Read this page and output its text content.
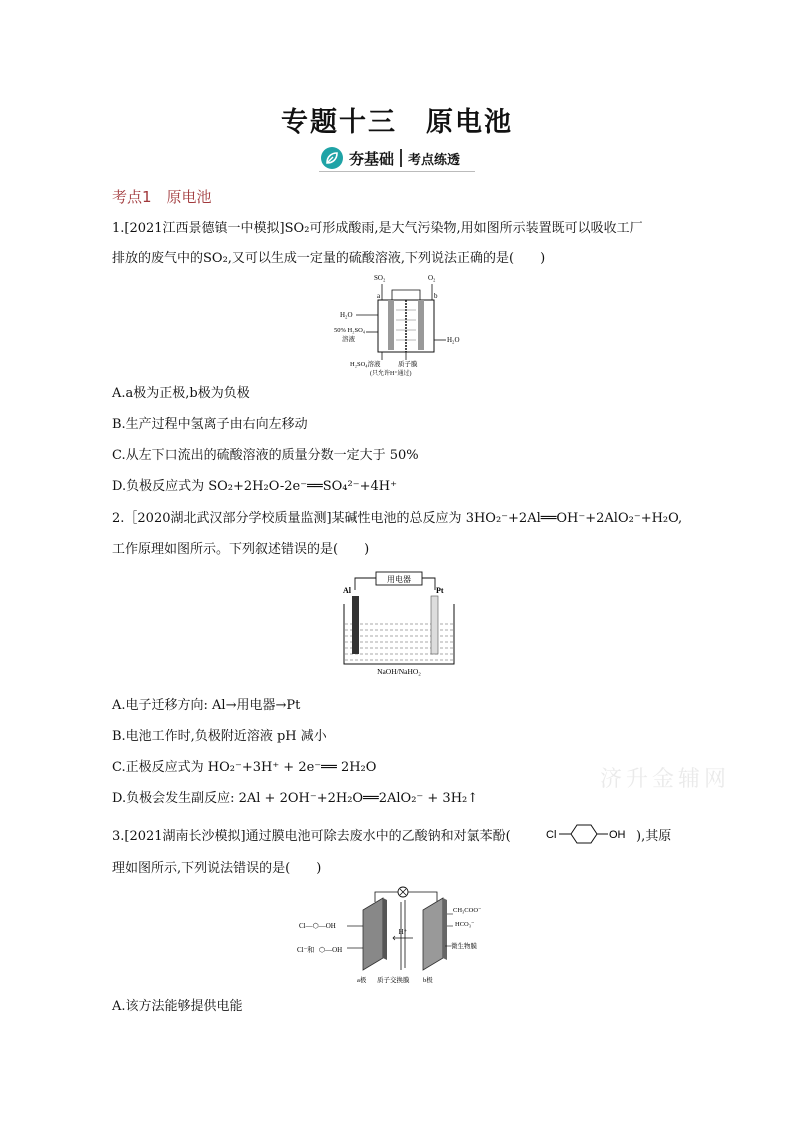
专题十三　原电池
夯基础 考点练透
考点1　原电池
1.[2021江西景德镇一中模拟]SO₂可形成酸雨,是大气污染物,用如图所示装置既可以吸收工厂
排放的废气中的SO₂,又可以生成一定量的硫酸溶液,下列说法正确的是(　　)
SO₂	O₂
a	b
H₂O
50% H₂SO₄
溶液	H₂O
H₂SO₄溶液	质子膜
(只允许H⁺通过)
A.a极为正极,b极为负极
B.生产过程中氢离子由右向左移动
C.从左下口流出的硫酸溶液的质量分数一定大于 50%
D.负极反应式为 SO₂+2H₂O-2e⁻══SO₄²⁻+4H⁺
2.［2020湖北武汉部分学校质量监测]某碱性电池的总反应为 3HO₂⁻+2Al══OH⁻+2AlO₂⁻+H₂O,
工作原理如图所示。下列叙述错误的是(　　)
用电器
Al	Pt
NaOH/NaHO₂
A.电子迁移方向: Al→用电器→Pt
B.电池工作时,负极附近溶液 pH 减小
C.正极反应式为 HO₂⁻+3H⁺ + 2e⁻══ 2H₂O
D.负极会发生副反应: 2Al + 2OH⁻+2H₂O══2AlO₂⁻ + 3H₂↑
济升金辅网
3.[2021湖南长沙模拟]通过膜电池可除去废水中的乙酸钠和对氯苯酚(	Cl	OH ),其原
理如图所示,下列说法错误的是(　　)
H⁺
Cl—⬡—OH
Cl⁻和 ⬡—OH
CH₃COO⁻
HCO₃⁻
微生物膜
a极 质子交换膜 b极
A.该方法能够提供电能
